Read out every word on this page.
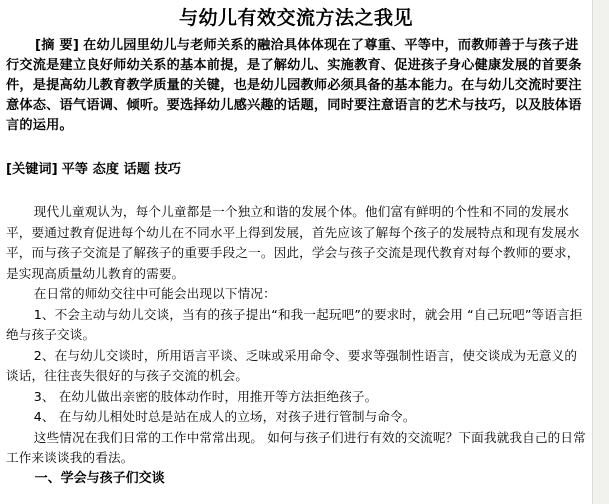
与幼儿有效交流方法之我见

[摘 要] 在幼儿园里幼儿与老师关系的融洽具体体现在了尊重、平等中，而教师善于与孩子进行交流是建立良好师幼关系的基本前提，是了解幼儿、实施教育、促进孩子身心健康发展的首要条件，是提高幼儿教育教学质量的关键，也是幼儿园教师必须具备的基本能力。在与幼儿交流时要注意体态、语气语调、倾听。要选择幼儿感兴趣的话题，同时要注意语言的艺术与技巧，以及肢体语言的运用。

[关键词] 平等 态度 话题 技巧

现代儿童观认为，每个儿童都是一个独立和谐的发展个体。他们富有鲜明的个性和不同的发展水平，要通过教育促进每个幼儿在不同水平上得到发展，首先应该了解每个孩子的发展特点和现有发展水平，而与孩子交流是了解孩子的重要手段之一。因此，学会与孩子交流是现代教育对每个教师的要求，是实现高质量幼儿教育的需要。

在日常的师幼交往中可能会出现以下情况：

1、不会主动与幼儿交谈，当有的孩子提出“和我一起玩吧”的要求时，就会用 “自己玩吧”等语言拒绝与孩子交谈。

2、在与幼儿交谈时，所用语言平谈、乏味或采用命令、要求等强制性语言，使交谈成为无意义的谈话，往往丧失很好的与孩子交流的机会。

3、 在幼儿做出亲密的肢体动作时，用推开等方法拒绝孩子。

4、 在与幼儿相处时总是站在成人的立场，对孩子进行管制与命令。

这些情况在我们日常的工作中常常出现。 如何与孩子们进行有效的交流呢？下面我就我自己的日常工作来谈谈我的看法。

一、学会与孩子们交谈
